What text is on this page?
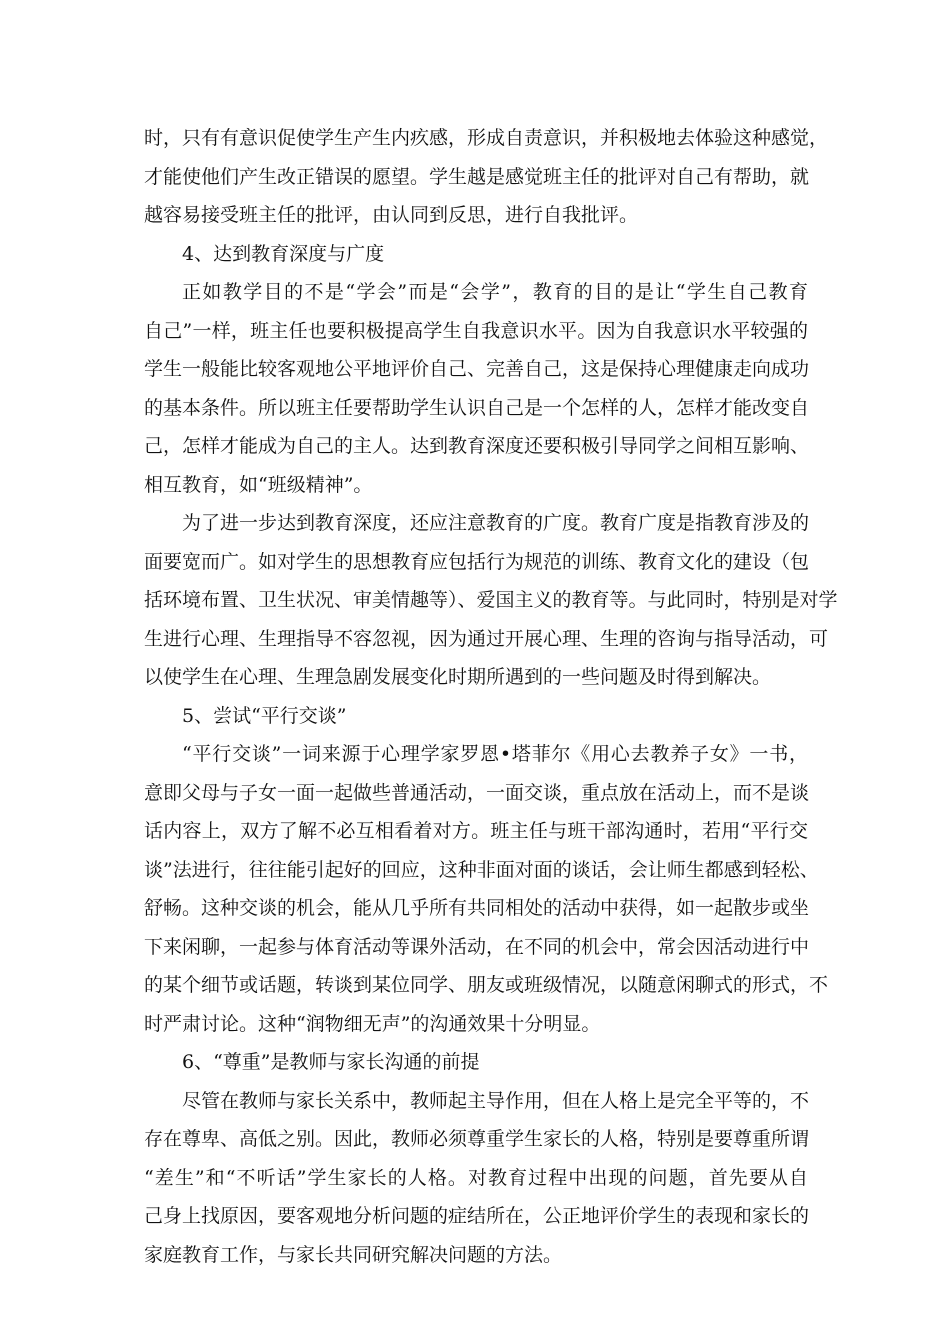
时，只有有意识促使学生产生内疚感，形成自责意识，并积极地去体验这种感觉，
才能使他们产生改正错误的愿望。学生越是感觉班主任的批评对自己有帮助，就
越容易接受班主任的批评，由认同到反思，进行自我批评。
4、达到教育深度与广度
正如教学目的不是“学会”而是“会学”，教育的目的是让“学生自己教育
自己”一样，班主任也要积极提高学生自我意识水平。因为自我意识水平较强的
学生一般能比较客观地公平地评价自己、完善自己，这是保持心理健康走向成功
的基本条件。所以班主任要帮助学生认识自己是一个怎样的人，怎样才能改变自
己，怎样才能成为自己的主人。达到教育深度还要积极引导同学之间相互影响、
相互教育，如“班级精神”。
为了进一步达到教育深度，还应注意教育的广度。教育广度是指教育涉及的
面要宽而广。如对学生的思想教育应包括行为规范的训练、教育文化的建设（包
括环境布置、卫生状况、审美情趣等）、爱国主义的教育等。与此同时，特别是对学
生进行心理、生理指导不容忽视，因为通过开展心理、生理的咨询与指导活动，可
以使学生在心理、生理急剧发展变化时期所遇到的一些问题及时得到解决。
5、尝试“平行交谈”
“平行交谈”一词来源于心理学家罗恩•塔菲尔《用心去教养子女》一书，
意即父母与子女一面一起做些普通活动，一面交谈，重点放在活动上，而不是谈
话内容上，双方了解不必互相看着对方。班主任与班干部沟通时，若用“平行交
谈”法进行，往往能引起好的回应，这种非面对面的谈话，会让师生都感到轻松、
舒畅。这种交谈的机会，能从几乎所有共同相处的活动中获得，如一起散步或坐
下来闲聊，一起参与体育活动等课外活动，在不同的机会中，常会因活动进行中
的某个细节或话题，转谈到某位同学、朋友或班级情况，以随意闲聊式的形式，不
时严肃讨论。这种“润物细无声”的沟通效果十分明显。
6、“尊重”是教师与家长沟通的前提
尽管在教师与家长关系中，教师起主导作用，但在人格上是完全平等的，不
存在尊卑、高低之别。因此，教师必须尊重学生家长的人格，特别是要尊重所谓
“差生”和“不听话”学生家长的人格。对教育过程中出现的问题，首先要从自
己身上找原因，要客观地分析问题的症结所在，公正地评价学生的表现和家长的
家庭教育工作，与家长共同研究解决问题的方法。
